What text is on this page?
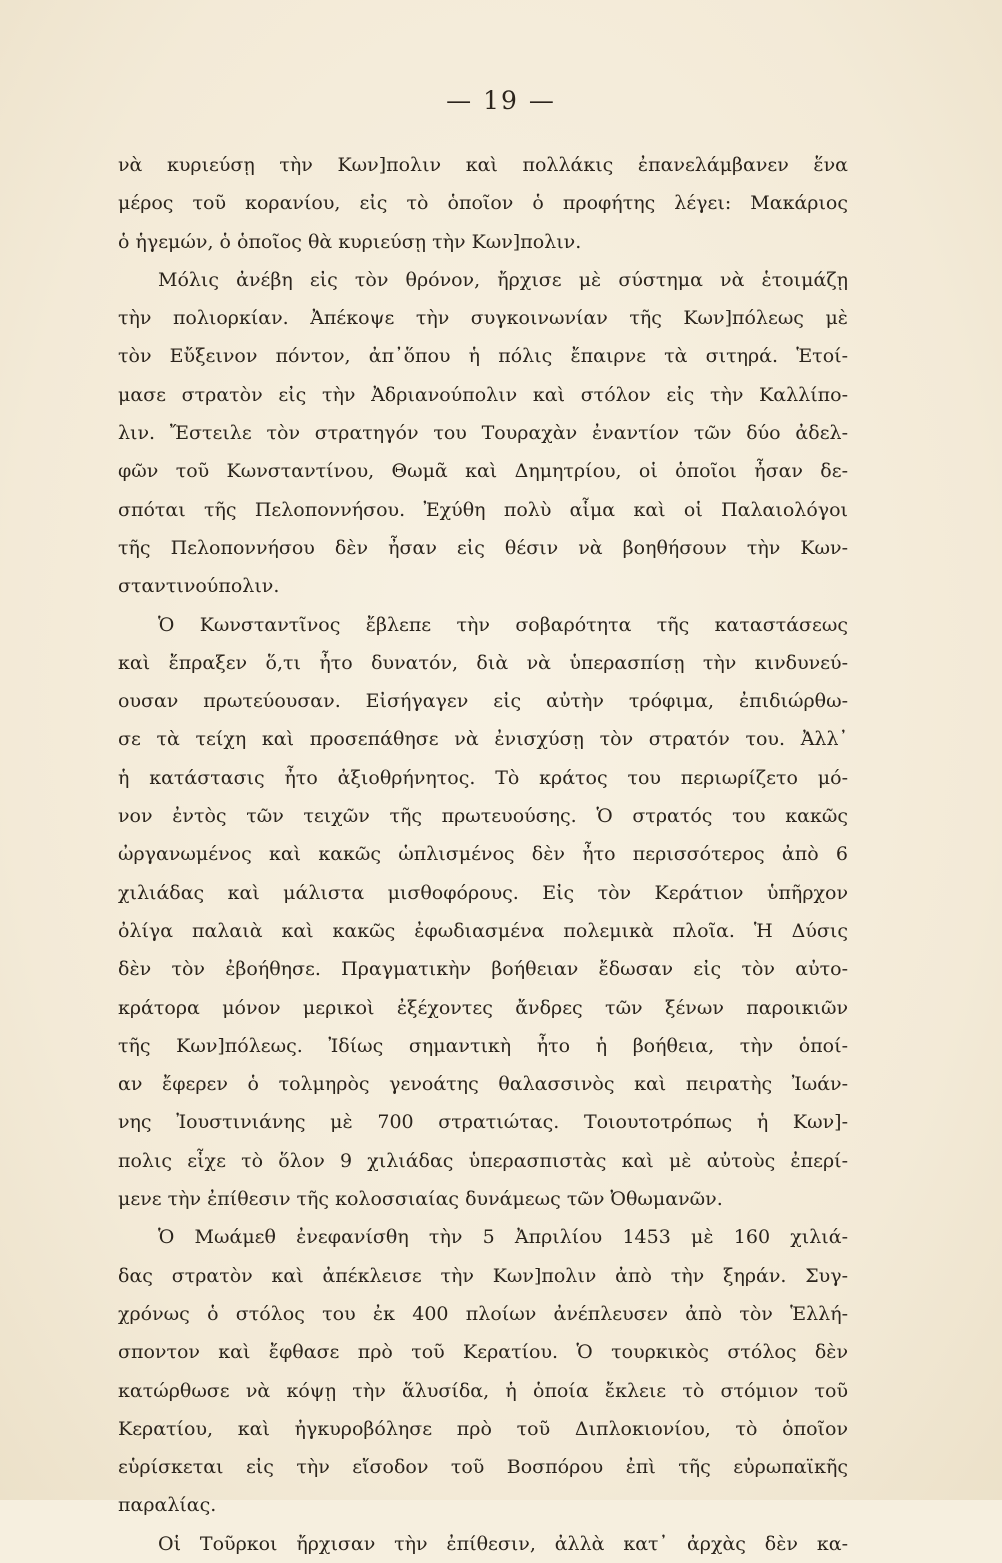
— 19 —
νὰ κυριεύσῃ τὴν Κων]πολιν καὶ πολλάκις ἐπανελάμβανεν ἕνα
μέρος τοῦ κορανίου, εἰς τὸ ὁποῖον ὁ προφήτης λέγει: Μακάριος
ὁ ἡγεμών, ὁ ὁποῖος θὰ κυριεύσῃ τὴν Κων]πολιν.
Μόλις ἀνέβη εἰς τὸν θρόνον, ἤρχισε μὲ σύστημα νὰ ἑτοιμάζῃ
τὴν πολιορκίαν. Ἀπέκοψε τὴν συγκοινωνίαν τῆς Κων]πόλεως μὲ
τὸν Εὔξεινον πόντον, ἀπ᾿ὅπου ἡ πόλις ἔπαιρνε τὰ σιτηρά. Ἑτοί-
μασε στρατὸν εἰς τὴν Ἀδριανούπολιν καὶ στόλον εἰς τὴν Καλλίπο-
λιν. Ἔστειλε τὸν στρατηγόν του Τουραχὰν ἐναντίον τῶν δύο ἀδελ-
φῶν τοῦ Κωνσταντίνου, Θωμᾶ καὶ Δημητρίου, οἱ ὁποῖοι ἦσαν δε-
σπόται τῆς Πελοποννήσου. Ἐχύθη πολὺ αἷμα καὶ οἱ Παλαιολόγοι
τῆς Πελοποννήσου δὲν ἦσαν εἰς θέσιν νὰ βοηθήσουν τὴν Κων-
σταντινούπολιν.
Ὁ Κωνσταντῖνος ἔβλεπε τὴν σοβαρότητα τῆς καταστάσεως
καὶ ἔπραξεν ὅ,τι ἦτο δυνατόν, διὰ νὰ ὑπερασπίσῃ τὴν κινδυνεύ-
ουσαν πρωτεύουσαν. Εἰσήγαγεν εἰς αὐτὴν τρόφιμα, ἐπιδιώρθω-
σε τὰ τείχη καὶ προσεπάθησε νὰ ἐνισχύσῃ τὸν στρατόν του. Ἀλλ᾿
ἡ κατάστασις ἦτο ἀξιοθρήνητος. Τὸ κράτος του περιωρίζετο μό-
νον ἐντὸς τῶν τειχῶν τῆς πρωτευούσης. Ὁ στρατός του κακῶς
ὠργανωμένος καὶ κακῶς ὡπλισμένος δὲν ἦτο περισσότερος ἀπὸ 6
χιλιάδας καὶ μάλιστα μισθοφόρους. Εἰς τὸν Κεράτιον ὑπῆρχον
ὀλίγα παλαιὰ καὶ κακῶς ἐφωδιασμένα πολεμικὰ πλοῖα. Ἡ Δύσις
δὲν τὸν ἐβοήθησε. Πραγματικὴν βοήθειαν ἔδωσαν εἰς τὸν αὐτο-
κράτορα μόνον μερικοὶ ἐξέχοντες ἄνδρες τῶν ξένων παροικιῶν
τῆς Κων]πόλεως. Ἰδίως σημαντικὴ ἦτο ἡ βοήθεια, τὴν ὁποί-
αν ἔφερεν ὁ τολμηρὸς γενοάτης θαλασσινὸς καὶ πειρατὴς Ἰωάν-
νης Ἰουστινιάνης μὲ 700 στρατιώτας. Τοιουτοτρόπως ἡ Κων]-
πολις εἶχε τὸ ὅλον 9 χιλιάδας ὑπερασπιστὰς καὶ μὲ αὐτοὺς ἐπερί-
μενε τὴν ἐπίθεσιν τῆς κολοσσιαίας δυνάμεως τῶν Ὀθωμανῶν.
Ὁ Μωάμεθ ἐνεφανίσθη τὴν 5 Ἀπριλίου 1453 μὲ 160 χιλιά-
δας στρατὸν καὶ ἀπέκλεισε τὴν Κων]πολιν ἀπὸ τὴν ξηράν. Συγ-
χρόνως ὁ στόλος του ἐκ 400 πλοίων ἀνέπλευσεν ἀπὸ τὸν Ἑλλή-
σποντον καὶ ἔφθασε πρὸ τοῦ Κερατίου. Ὁ τουρκικὸς στόλος δὲν
κατώρθωσε νὰ κόψῃ τὴν ἅλυσίδα, ἡ ὁποία ἔκλειε τὸ στόμιον τοῦ
Κερατίου, καὶ ἠγκυροβόλησε πρὸ τοῦ Διπλοκιονίου, τὸ ὁποῖον
εὑρίσκεται εἰς τὴν εἴσοδον τοῦ Βοσπόρου ἐπὶ τῆς εὐρωπαϊκῆς
παραλίας.
Οἱ Τοῦρκοι ἤρχισαν τὴν ἐπίθεσιν, ἀλλὰ κατ᾿ ἀρχὰς δὲν κα-
